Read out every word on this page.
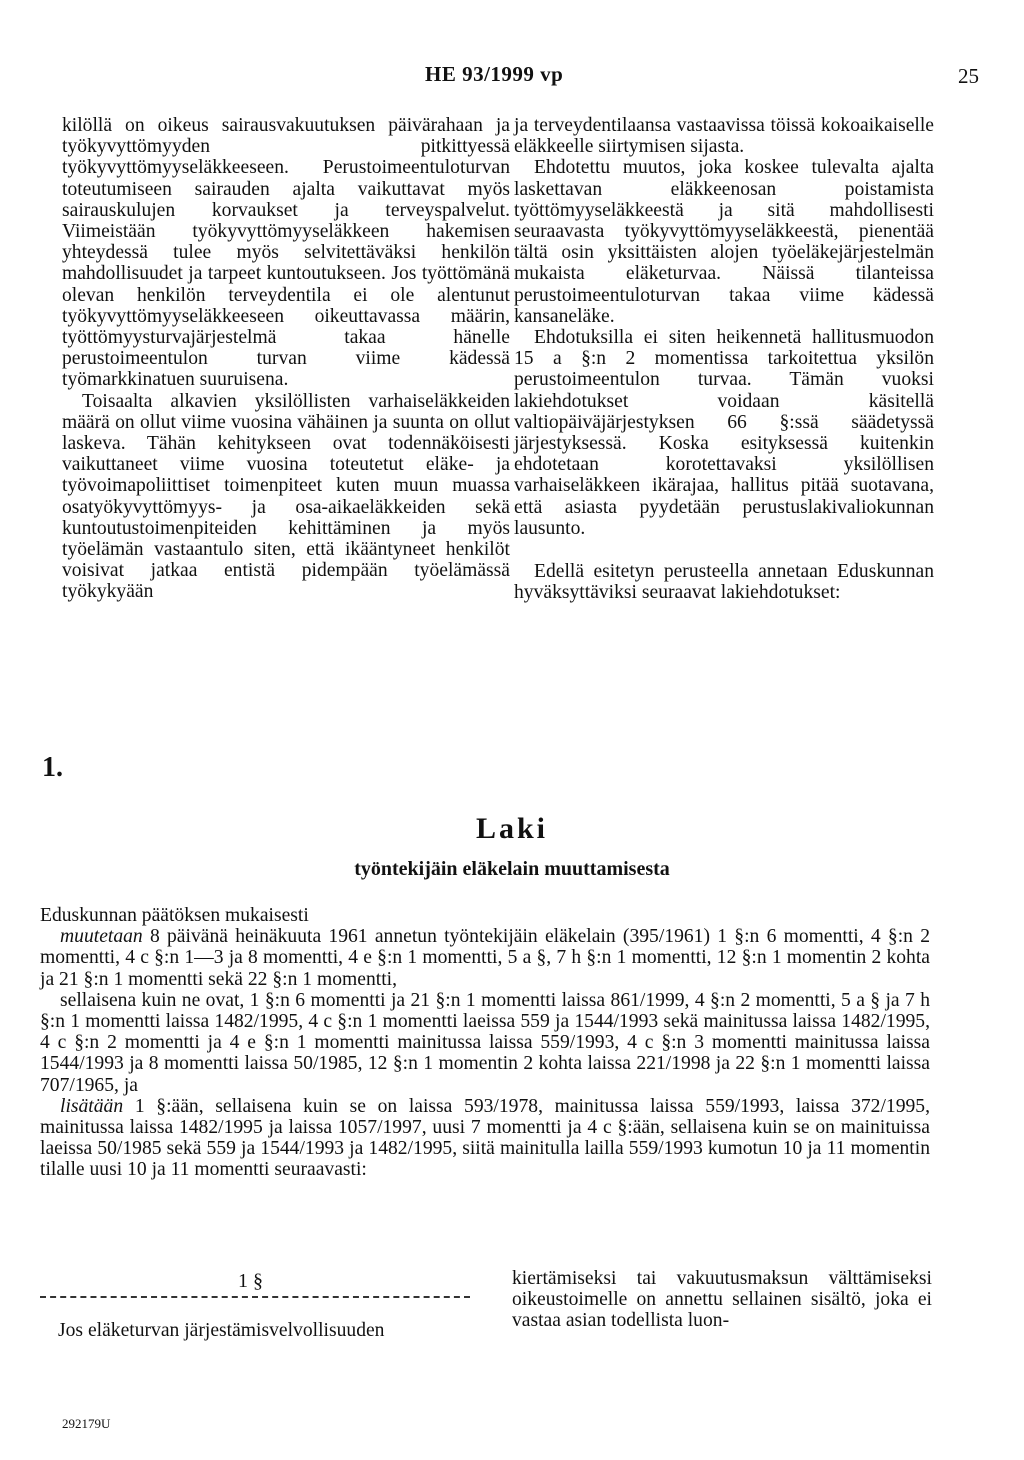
HE 93/1999 vp	25

kilöllä on oikeus sairausvakuutuksen päivärahaan ja työkyvyttömyyden pitkittyessä työkyvyttömyyseläkkeeseen. Perustoimeentuloturvan toteutumiseen sairauden ajalta vaikuttavat myös sairauskulujen korvaukset ja terveyspalvelut. Viimeistään työkyvyttömyyseläkkeen hakemisen yhteydessä tulee myös selvitettäväksi henkilön mahdollisuudet ja tarpeet kuntoutukseen. Jos työttömänä olevan henkilön terveydentila ei ole alentunut työkyvyttömyyseläkkeeseen oikeuttavassa määrin, työttömyysturvajärjestelmä takaa hänelle perustoimeentulon turvan viime kädessä työmarkkinatuen suuruisena.

Toisaalta alkavien yksilöllisten varhaiseläkkeiden määrä on ollut viime vuosina vähäinen ja suunta on ollut laskeva. Tähän kehitykseen ovat todennäköisesti vaikuttaneet viime vuosina toteutetut eläke- ja työvoimapoliittiset toimenpiteet kuten muun muassa osatyökyvyttömyys- ja osa-aikaeläkkeiden sekä kuntoutustoimenpiteiden kehittäminen ja myös työelämän vastaantulo siten, että ikääntyneet henkilöt voisivat jatkaa entistä pidempään työelämässä työkykyään

ja terveydentilaansa vastaavissa töissä kokoaikaiselle eläkkeelle siirtymisen sijasta.

Ehdotettu muutos, joka koskee tulevalta ajalta laskettavan eläkkeenosan poistamista työttömyyseläkkeestä ja sitä mahdollisesti seuraavasta työkyvyttömyyseläkkeestä, pienentää tältä osin yksittäisten alojen työeläkejärjestelmän mukaista eläketurvaa. Näissä tilanteissa perustoimeentuloturvan takaa viime kädessä kansaneläke.

Ehdotuksilla ei siten heikennetä hallitusmuodon 15 a §:n 2 momentissa tarkoitettua yksilön perustoimeentulon turvaa. Tämän vuoksi lakiehdotukset voidaan käsitellä valtiopäiväjärjestyksen 66 §:ssä säädetyssä järjestyksessä. Koska esityksessä kuitenkin ehdotetaan korotettavaksi yksilöllisen varhaiseläkkeen ikärajaa, hallitus pitää suotavana, että asiasta pyydetään perustuslakivaliokunnan lausunto.

Edellä esitetyn perusteella annetaan Eduskunnan hyväksyttäviksi seuraavat lakiehdotukset:

1.
Laki
työntekijäin eläkelain muuttamisesta

Eduskunnan päätöksen mukaisesti

muutetaan 8 päivänä heinäkuuta 1961 annetun työntekijäin eläkelain (395/1961) 1 §:n 6 momentti, 4 §:n 2 momentti, 4 c §:n 1—3 ja 8 momentti, 4 e §:n 1 momentti, 5 a §, 7 h §:n 1 momentti, 12 §:n 1 momentin 2 kohta ja 21 §:n 1 momentti sekä 22 §:n 1 momentti,

sellaisena kuin ne ovat, 1 §:n 6 momentti ja 21 §:n 1 momentti laissa 861/1999, 4 §:n 2 momentti, 5 a § ja 7 h §:n 1 momentti laissa 1482/1995, 4 c §:n 1 momentti laeissa 559 ja 1544/1993 sekä mainitussa laissa 1482/1995, 4 c §:n 2 momentti ja 4 e §:n 1 momentti mainitussa laissa 559/1993, 4 c §:n 3 momentti mainitussa laissa 1544/1993 ja 8 momentti laissa 50/1985, 12 §:n 1 momentin 2 kohta laissa 221/1998 ja 22 §:n 1 momentti laissa 707/1965, ja

lisätään 1 §:ään, sellaisena kuin se on laissa 593/1978, mainitussa laissa 559/1993, laissa 372/1995, mainitussa laissa 1482/1995 ja laissa 1057/1997, uusi 7 momentti ja 4 c §:ään, sellaisena kuin se on mainituissa laeissa 50/1985 sekä 559 ja 1544/1993 ja 1482/1995, siitä mainitulla lailla 559/1993 kumotun 10 ja 11 momentin tilalle uusi 10 ja 11 momentti seuraavasti:

1 §
Jos eläketurvan järjestämisvelvollisuuden
kiertämiseksi tai vakuutusmaksun välttämiseksi oikeustoimelle on annettu sellainen sisältö, joka ei vastaa asian todellista luon-
292179U
